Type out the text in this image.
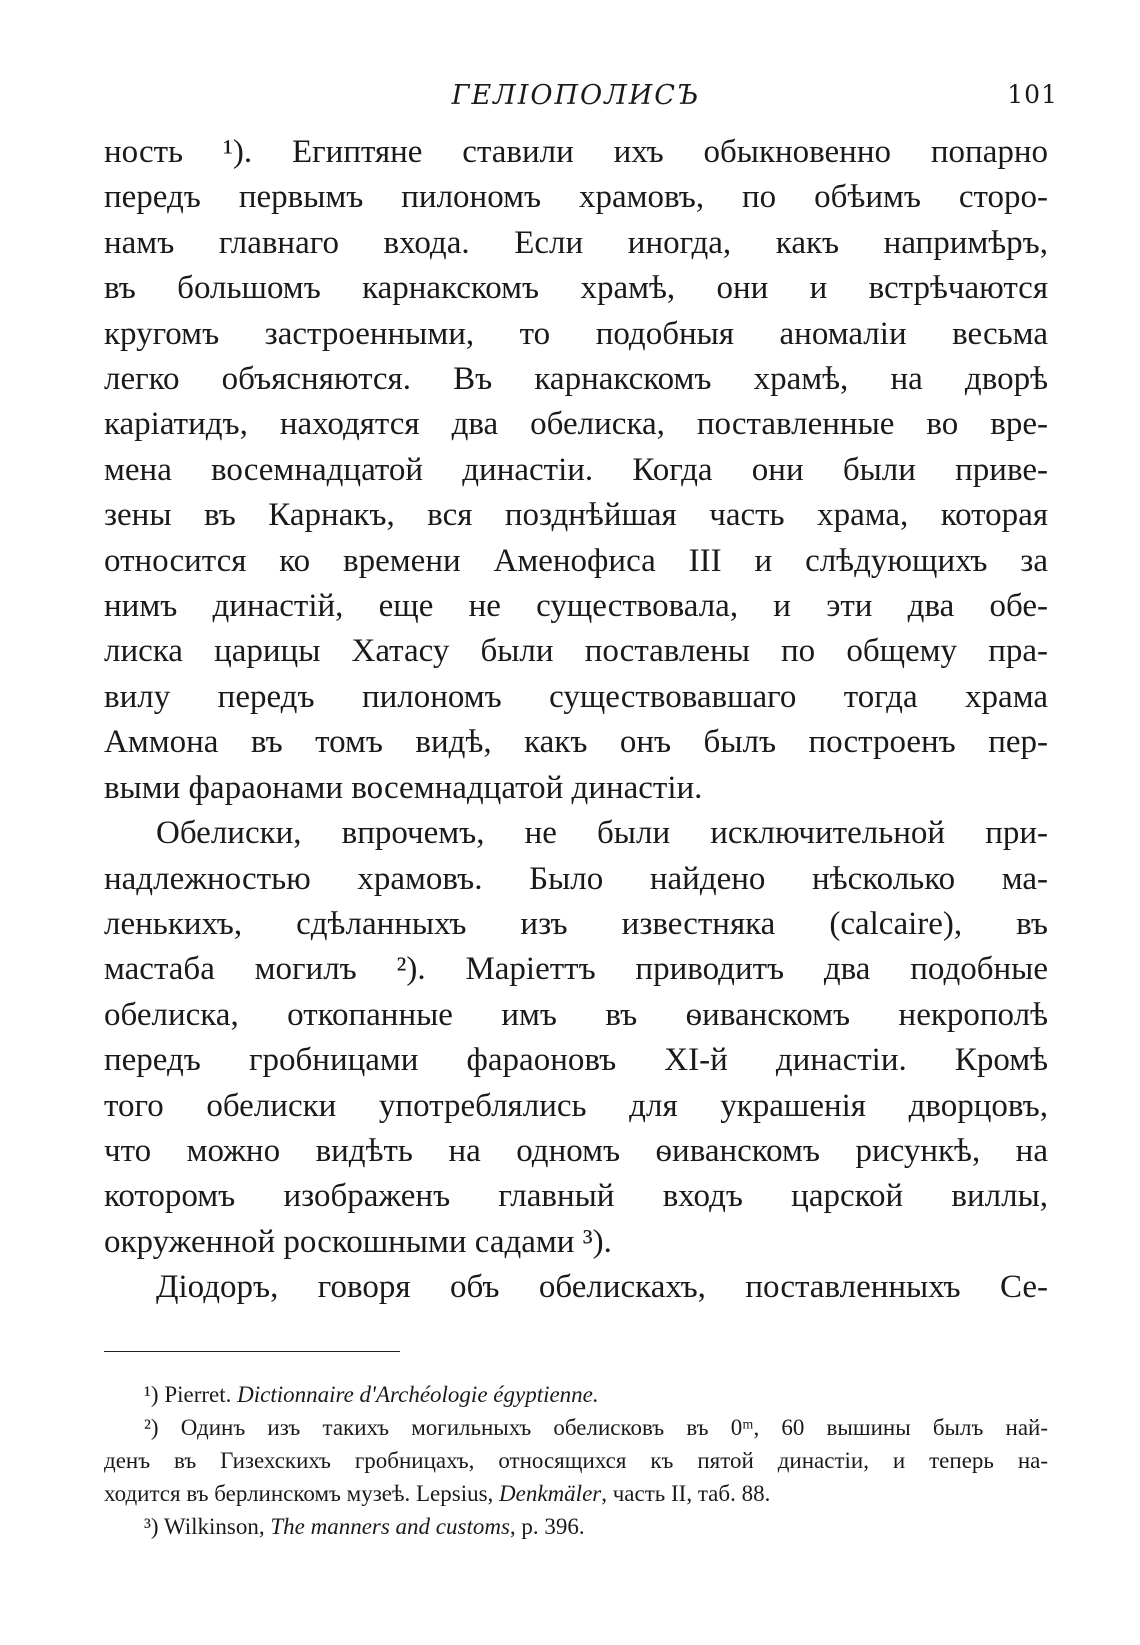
ГЕЛІОПОЛИСЪ	101

ность ¹). Египтяне ставили ихъ обыкновенно попарно
передъ первымъ пилономъ храмовъ, по обѣимъ сторо-
намъ главнаго входа. Если иногда, какъ напримѣръ,
въ большомъ карнакскомъ храмѣ, они и встрѣчаются
кругомъ застроенными, то подобныя аномаліи весьма
легко объясняются. Въ карнакскомъ храмѣ, на дворѣ
каріатидъ, находятся два обелиска, поставленные во вре-
мена восемнадцатой династіи. Когда они были приве-
зены въ Карнакъ, вся позднѣйшая часть храма, которая
относится ко времени Аменофиса III и слѣдующихъ за
нимъ династій, еще не существовала, и эти два обе-
лиска царицы Хатасу были поставлены по общему пра-
вилу передъ пилономъ существовавшаго тогда храма
Аммона въ томъ видѣ, какъ онъ былъ построенъ пер-
выми фараонами восемнадцатой династіи.

Обелиски, впрочемъ, не были исключительной при-
надлежностью храмовъ. Было найдено нѣсколько ма-
ленькихъ, сдѣланныхъ изъ известняка (calcaire), въ
мастаба могилъ ²). Маріеттъ приводитъ два подобные
обелиска, откопанные имъ въ ѳиванскомъ некрополѣ
передъ гробницами фараоновъ XI-й династіи. Кромѣ
того обелиски употреблялись для украшенія дворцовъ,
что можно видѣть на одномъ ѳиванскомъ рисункѣ, на
которомъ изображенъ главный входъ царской виллы,
окруженной роскошными садами ³).

Діодоръ, говоря объ обелискахъ, поставленныхъ Се-

¹) Pierret. Dictionnaire d'Archéologie égyptienne.
²) Одинъ изъ такихъ могильныхъ обелисковъ въ 0ᵐ, 60 вышины былъ най-
денъ въ Гизехскихъ гробницахъ, относящихся къ пятой династіи, и теперь на-
ходится въ берлинскомъ музеѣ. Lepsius, Denkmäler, часть II, таб. 88.
³) Wilkinson, The manners and customs, p. 396.
